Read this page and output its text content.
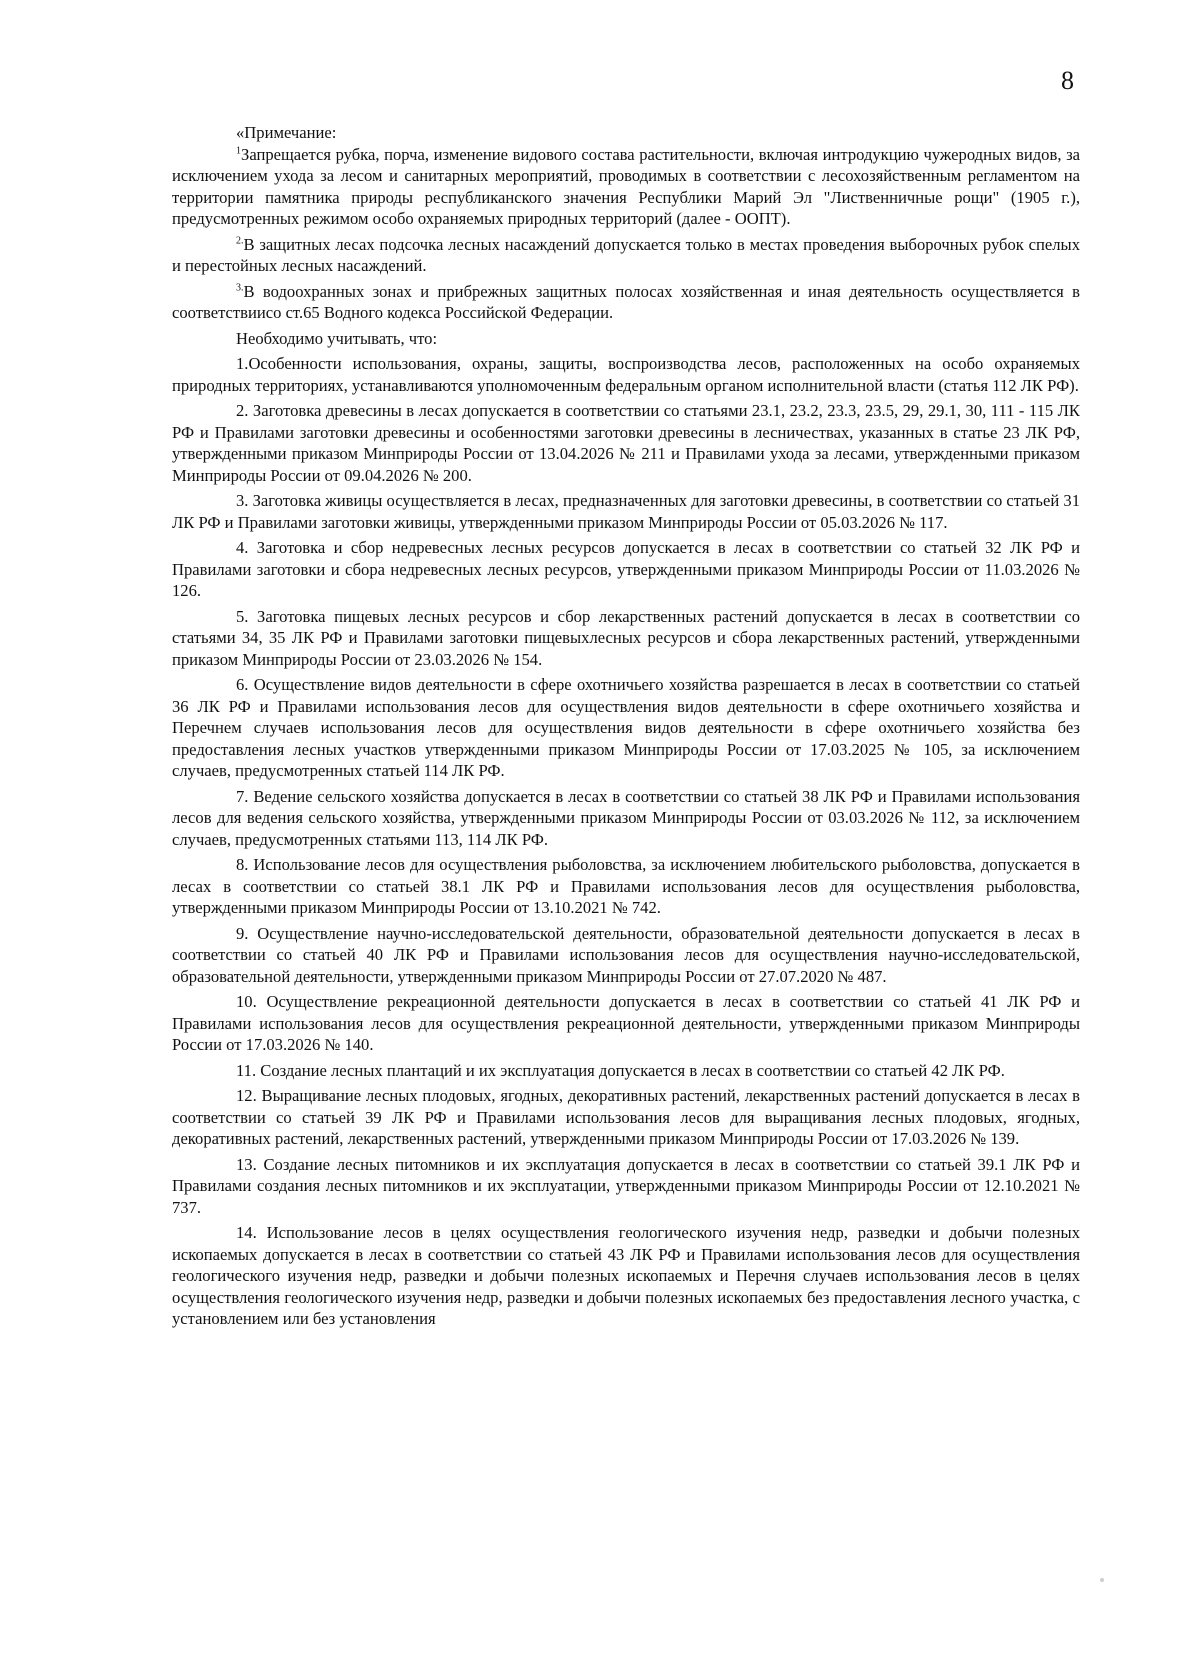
8

«Примечание:

$^1$Запрещается рубка, порча, изменение видового состава растительности, включая интродукцию чужеродных видов, за исключением ухода за лесом и санитарных мероприятий, проводимых в соответствии с лесохозяйственным регламентом на территории памятника природы республиканского значения Республики Марий Эл "Лиственничные рощи" (1905 г.), предусмотренных режимом особо охраняемых природных территорий (далее - ООПТ).

$^{2.}$В защитных лесах подсочка лесных насаждений допускается только в местах проведения выборочных рубок спелых и перестойных лесных насаждений.

$^{3.}$В водоохранных зонах и прибрежных защитных полосах хозяйственная и иная деятельность осуществляется в соответствиисо ст.65 Водного кодекса Российской Федерации.

Необходимо учитывать, что:

1.Особенности использования, охраны, защиты, воспроизводства лесов, расположенных на особо охраняемых природных территориях, устанавливаются уполномоченным федеральным органом исполнительной власти (статья 112 ЛК РФ).

2. Заготовка древесины в лесах допускается в соответствии со статьями 23.1, 23.2, 23.3, 23.5, 29, 29.1, 30, 111 - 115 ЛК РФ и Правилами заготовки древесины и особенностями заготовки древесины в лесничествах, указанных в статье 23 ЛК РФ, утвержденными приказом Минприроды России от 13.04.2026 № 211 и Правилами ухода за лесами, утвержденными приказом Минприроды России от 09.04.2026 № 200.

3. Заготовка живицы осуществляется в лесах, предназначенных для заготовки древесины, в соответствии со статьей 31 ЛК РФ и Правилами заготовки живицы, утвержденными приказом Минприроды России от 05.03.2026 № 117.

4. Заготовка и сбор недревесных лесных ресурсов допускается в лесах в соответствии со статьей 32 ЛК РФ и Правилами заготовки и сбора недревесных лесных ресурсов, утвержденными приказом Минприроды России от 11.03.2026 № 126.

5. Заготовка пищевых лесных ресурсов и сбор лекарственных растений допускается в лесах в соответствии со статьями 34, 35 ЛК РФ и Правилами заготовки пищевыхлесных ресурсов и сбора лекарственных растений, утвержденными приказом Минприроды России от 23.03.2026 № 154.

6. Осуществление видов деятельности в сфере охотничьего хозяйства разрешается в лесах в соответствии со статьей 36 ЛК РФ и Правилами использования лесов для осуществления видов деятельности в сфере охотничьего хозяйства и Перечнем случаев использования лесов для осуществления видов деятельности в сфере охотничьего хозяйства без предоставления лесных участков утвержденными приказом Минприроды России от 17.03.2025 № 105, за исключением случаев, предусмотренных статьей 114 ЛК РФ.

7. Ведение сельского хозяйства допускается в лесах в соответствии со статьей 38 ЛК РФ и Правилами использования лесов для ведения сельского хозяйства, утвержденными приказом Минприроды России от 03.03.2026 № 112, за исключением случаев, предусмотренных статьями 113, 114 ЛК РФ.

8. Использование лесов для осуществления рыболовства, за исключением любительского рыболовства, допускается в лесах в соответствии со статьей 38.1 ЛК РФ и Правилами использования лесов для осуществления рыболовства, утвержденными приказом Минприроды России от 13.10.2021 № 742.

9. Осуществление научно-исследовательской деятельности, образовательной деятельности допускается в лесах в соответствии со статьей 40 ЛК РФ и Правилами использования лесов для осуществления научно-исследовательской, образовательной деятельности, утвержденными приказом Минприроды России от 27.07.2020 № 487.

10. Осуществление рекреационной деятельности допускается в лесах в соответствии со статьей 41 ЛК РФ и Правилами использования лесов для осуществления рекреационной деятельности, утвержденными приказом Минприроды России от 17.03.2026 № 140.

11. Создание лесных плантаций и их эксплуатация допускается в лесах в соответствии со статьей 42 ЛК РФ.

12. Выращивание лесных плодовых, ягодных, декоративных растений, лекарственных растений допускается в лесах в соответствии со статьей 39 ЛК РФ и Правилами использования лесов для выращивания лесных плодовых, ягодных, декоративных растений, лекарственных растений, утвержденными приказом Минприроды России от 17.03.2026 № 139.

13. Создание лесных питомников и их эксплуатация допускается в лесах в соответствии со статьей 39.1 ЛК РФ и Правилами создания лесных питомников и их эксплуатации, утвержденными приказом Минприроды России от 12.10.2021 № 737.

14. Использование лесов в целях осуществления геологического изучения недр, разведки и добычи полезных ископаемых допускается в лесах в соответствии со статьей 43 ЛК РФ и Правилами использования лесов для осуществления геологического изучения недр, разведки и добычи полезных ископаемых и Перечня случаев использования лесов в целях осуществления геологического изучения недр, разведки и добычи полезных ископаемых без предоставления лесного участка, с установлением или без установления
